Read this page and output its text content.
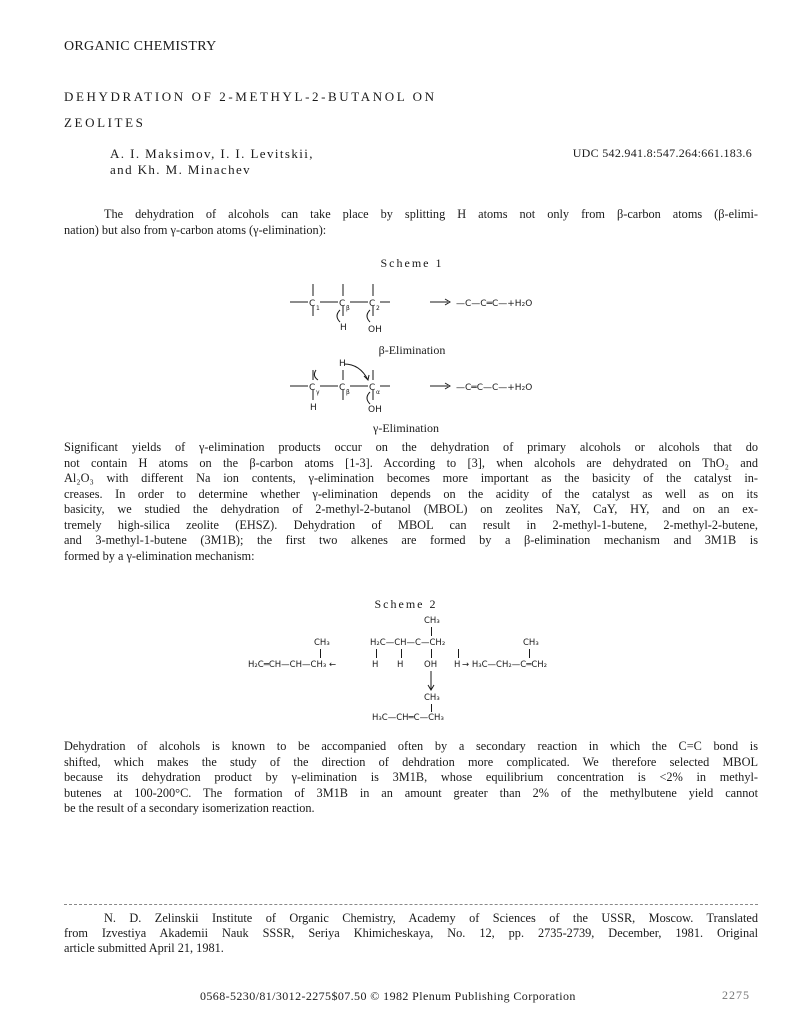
ORGANIC CHEMISTRY
DEHYDRATION OF 2-METHYL-2-BUTANOL ON
ZEOLITES
A. I. Maksimov, I. I. Levitskii,
and Kh. M. Minachev
UDC 542.941.8:547.264:661.183.6
The dehydration of alcohols can take place by splitting H atoms not only from β-carbon atoms (β-elimi-
nation) but also from γ-carbon atoms (γ-elimination):
Scheme 1
C	C	C
1	β	2
H OH
—C—C═C—+H₂O
β-Elimination
H
C	C	C
γ	β	α
H	OH
—C═C—C—+H₂O
γ-Elimination
Significant yields of γ-elimination products occur on the dehydration of primary alcohols or alcohols that do
not contain H atoms on the β-carbon atoms [1-3]. According to [3], when alcohols are dehydrated on ThO₂ and
Al₂O₃ with different Na ion contents, γ-elimination becomes more important as the basicity of the catalyst in-
creases. In order to determine whether γ-elimination depends on the acidity of the catalyst as well as on its
basicity, we studied the dehydration of 2-methyl-2-butanol (MBOL) on zeolites NaY, CaY, HY, and on an ex-
tremely high-silica zeolite (EHSZ). Dehydration of MBOL can result in 2-methyl-1-butene, 2-methyl-2-butene,
and 3-methyl-1-butene (3M1B); the first two alkenes are formed by a β-elimination mechanism and 3M1B is
formed by a γ-elimination mechanism:
Scheme 2
CH₃
CH₃	H₂C—CH—C—CH₂	CH₃
H₂C═CH—CH—CH₃ ←	H H OH H → H₃C—CH₂—C═CH₂
CH₃
H₃C—CH═C—CH₃
Dehydration of alcohols is known to be accompanied often by a secondary reaction in which the C=C bond is
shifted, which makes the study of the direction of dehdration more complicated. We therefore selected MBOL
because its dehydration product by γ-elimination is 3M1B, whose equilibrium concentration is <2% in methyl-
butenes at 100-200°C. The formation of 3M1B in an amount greater than 2% of the methylbutene yield cannot
be the result of a secondary isomerization reaction.
N. D. Zelinskii Institute of Organic Chemistry, Academy of Sciences of the USSR, Moscow. Translated
from Izvestiya Akademii Nauk SSSR, Seriya Khimicheskaya, No. 12, pp. 2735-2739, December, 1981. Original
article submitted April 21, 1981.
0568-5230/81/3012-2275$07.50 © 1982 Plenum Publishing Corporation	2275
